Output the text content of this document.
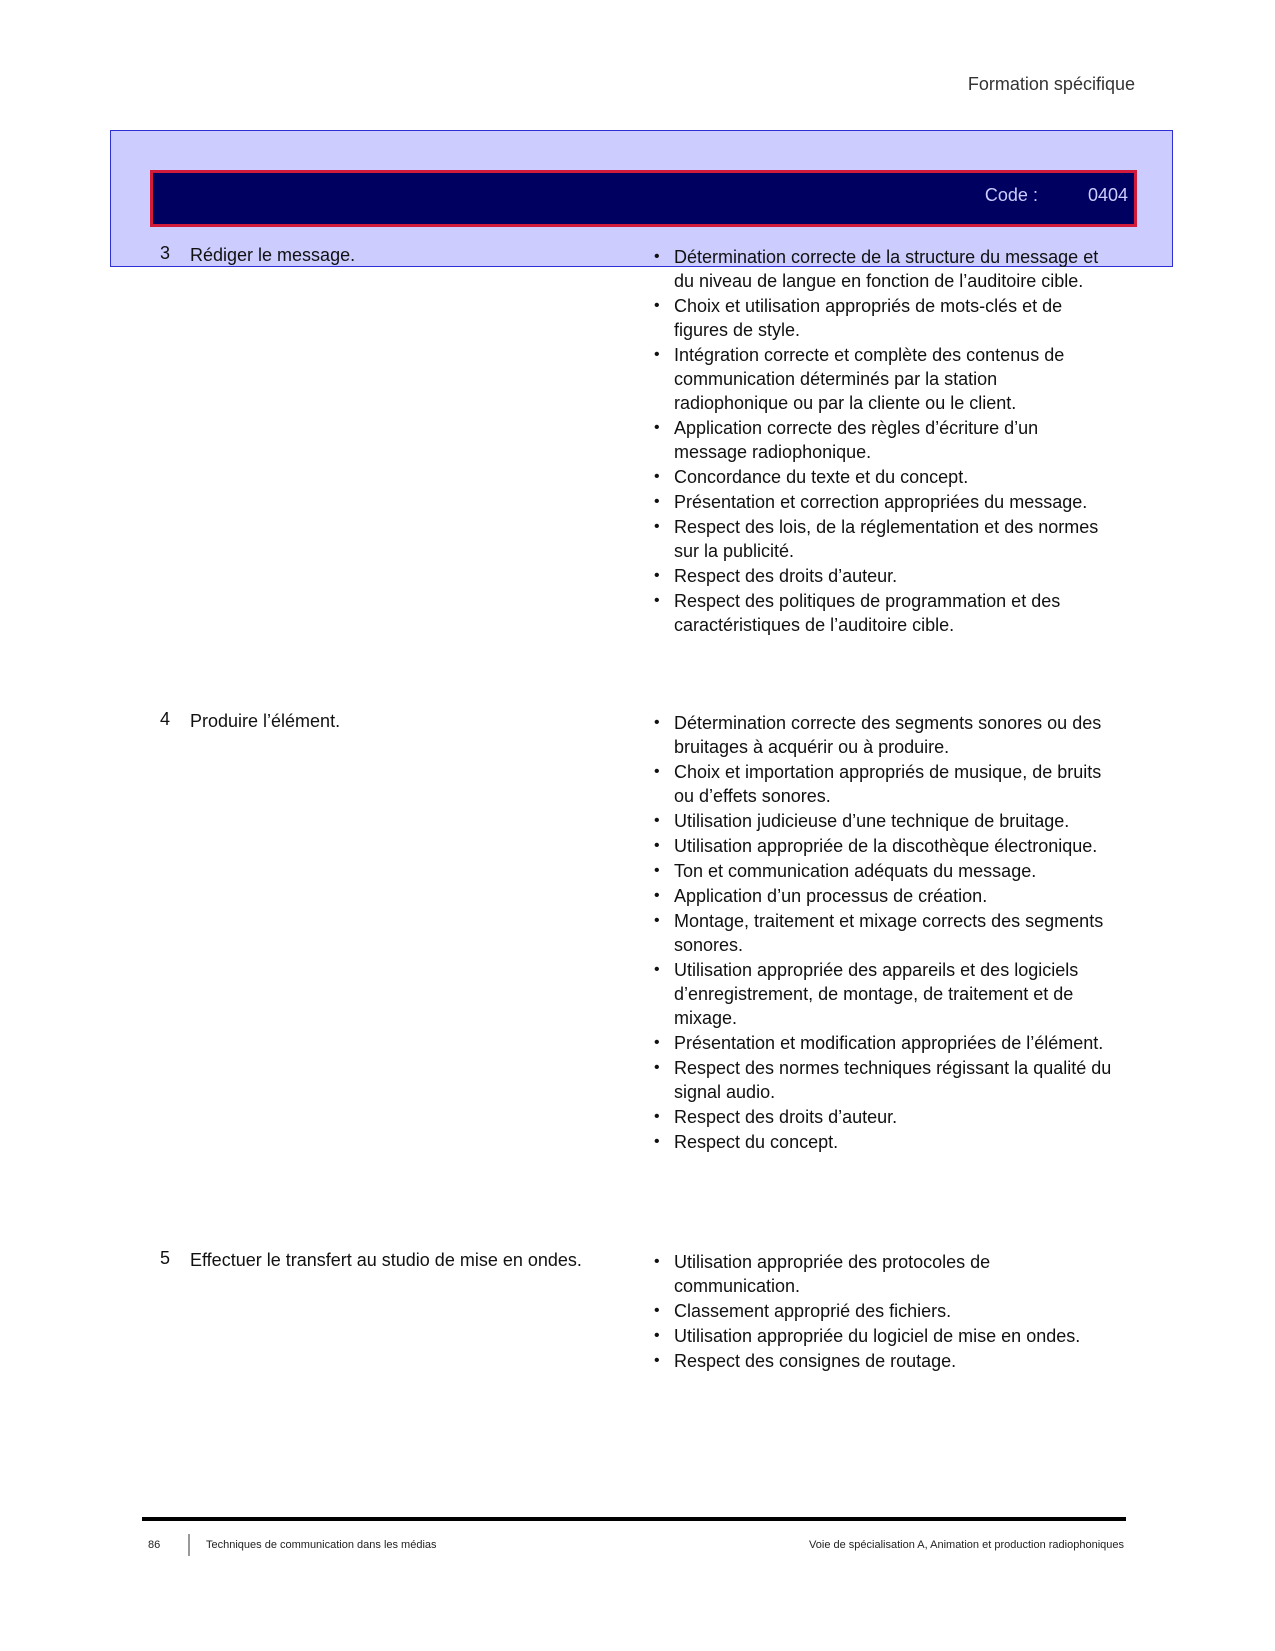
Formation spécifique
Code :	0404
3	Rédiger le message.	• Détermination correcte de la structure du message et du niveau de langue en fonction de l’auditoire cible.
• Choix et utilisation appropriés de mots-clés et de figures de style.
• Intégration correcte et complète des contenus de communication déterminés par la station radiophonique ou par la cliente ou le client.
• Application correcte des règles d’écriture d’un message radiophonique.
• Concordance du texte et du concept.
• Présentation et correction appropriées du message.
• Respect des lois, de la réglementation et des normes sur la publicité.
• Respect des droits d’auteur.
• Respect des politiques de programmation et des caractéristiques de l’auditoire cible.
4	Produire l’élément.	• Détermination correcte des segments sonores ou des bruitages à acquérir ou à produire.
• Choix et importation appropriés de musique, de bruits ou d’effets sonores.
• Utilisation judicieuse d’une technique de bruitage.
• Utilisation appropriée de la discothèque électronique.
• Ton et communication adéquats du message.
• Application d’un processus de création.
• Montage, traitement et mixage corrects des segments sonores.
• Utilisation appropriée des appareils et des logiciels d’enregistrement, de montage, de traitement et de mixage.
• Présentation et modification appropriées de l’élément.
• Respect des normes techniques régissant la qualité du signal audio.
• Respect des droits d’auteur.
• Respect du concept.
5	Effectuer le transfert au studio de mise en ondes.	• Utilisation appropriée des protocoles de communication.
• Classement approprié des fichiers.
• Utilisation appropriée du logiciel de mise en ondes.
• Respect des consignes de routage.
86	Techniques de communication dans les médias	Voie de spécialisation A, Animation et production radiophoniques
